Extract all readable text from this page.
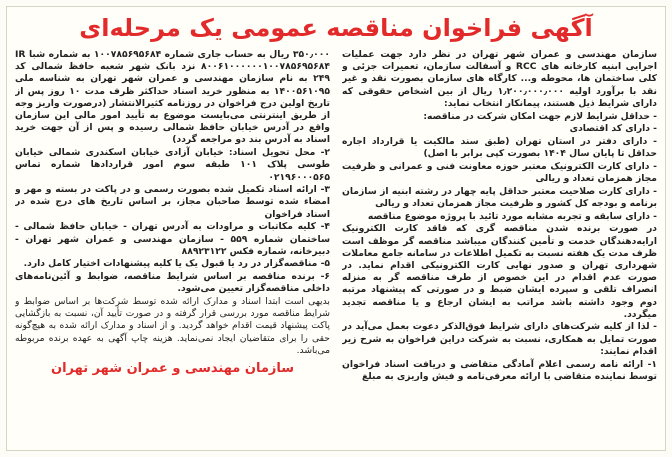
آگهی فراخوان مناقصه عمومی یک مرحله‌ای

سازمان مهندسی و عمران شهر تهران در نظر دارد جهت عملیات اجرایی ابنیه کارخانه های RCC و آسفالت سازمان، تعمیرات جزئی و کلی ساختمان ها، محوطه و... کارگاه های سازمان بصورت نقد و غیر نقد با برآورد اولیه ۱٫۲۰۰٫۰۰۰٫۰۰۰ ریال از بین اشخاص حقوقی که دارای شرایط ذیل هستند، پیمانکار انتخاب نماید:

- حداقل شرایط لازم جهت امکان شرکت در مناقصه:

- دارای کد اقتصادی

- دارای دفتر در استان تهران (طبق سند مالکیت یا قرارداد اجاره حداقل تا پایان سال ۱۴۰۴ بصورت کپی برابر با اصل)

- دارای کارت الکترونیک معتبر حوزه معاونت فنی و عمرانی و ظرفیت مجاز همزمان تعداد و ریالی

- دارای کارت صلاحیت معتبر حداقل پایه چهار در رشته ابنیه از سازمان برنامه و بودجه کل کشور و ظرفیت مجاز همزمان تعداد و ریالی

- دارای سابقه و تجربه مشابه مورد تائید با پروژه موضوع مناقصه

در صورت برنده شدن مناقصه گری که فاقد کارت الکترونیک ارایه‌دهندگان خدمت و تأمین کنندگان میباشد مناقصه گر موظف است ظرف مدت یک هفته نسبت به تکمیل اطلاعات در سامانه جامع معاملات شهرداری تهران و صدور نهایی کارت الکترونیکی اقدام نماید. در صورت عدم اقدام در این خصوص از طرف مناقصه گر به منزله انصراف تلقی و سپرده ایشان ضبط و در صورتی که پیشنهاد مرتبه دوم وجود داشته باشد مراتب به ایشان ارجاع و یا مناقصه تجدید میگردد.

- لذا از کلیه شرکت‌های دارای شرایط فوق‌الذکر دعوت بعمل می‌آید در صورت تمایل به همکاری، نسبت به شرکت دراین فراخوان به شرح زیر اقدام نمایند:

۱- ارائه نامه رسمی اعلام آمادگی متقاضی و دریافت اسناد فراخوان توسط نماینده متقاضی با ارائه معرفی‌نامه و فیش واریزی به مبلغ

۳۵۰٫۰۰۰ ریال به حساب جاری شماره ۱۰۰۷۸۵۶۹۵۶۸۴ به شماره شبا IR ۸۰۰۶۱۰۰۰۰۰۰۱۰۰۷۸۵۶۹۵۶۸۴ نزد بانک شهر شعبه حافظ شمالی کد ۲۴۹ به نام سازمان مهندسی و عمران شهر تهران به شناسه ملی ۱۴۰۰۵۶۱۰۹۵ به منظور خرید اسناد حداکثر ظرف مدت ۱۰ روز پس از تاریخ اولین درج فراخوان در روزنامه کثیرالانتشار (درصورت واریز وجه از طریق اینترنتی می‌بایست موضوع به تأیید امور مالی این سازمان واقع در آدرس خیابان حافظ شمالی رسیده و پس از آن جهت خرید اسناد به آدرس بند دو مراجعه گردد)

۲- محل تحویل اسناد: خیابان آزادی خیابان اسکندری شمالی خیابان طوسی پلاک ۱۰۱ طبقه سوم امور قراردادها شماره تماس ۰۲۱۹۶۰۰۰۵۶۵

۳- ارائه اسناد تکمیل شده بصورت رسمی و در پاکت در بسته و مهر و امضاء شده توسط صاحبان مجاز، بر اساس تاریخ های درج شده در اسناد فراخوان

۴- کلیه مکاتبات و مراودات به آدرس تهران - خیابان حافظ شمالی - ساختمان شماره ۵۵۹ - سازمان مهندسی و عمران شهر تهران - دبیرخانه، شماره فکس ۸۸۹۲۳۱۲۲

۵- مناقصه‌گزار در رد یا قبول یک یا کلیه پیشنهادات اختیار کامل دارد.

۶- برنده مناقصه بر اساس شرایط مناقصه، ضوابط و آئین‌نامه‌های داخلی مناقصه‌گزار تعیین می‌شود.

بدیهی است ابتدا اسناد و مدارک ارائه شده توسط شرکت‌ها بر اساس ضوابط و شرایط مناقصه مورد بررسی قرار گرفته و در صورت تأیید آن، نسبت به بازگشایی پاکت پیشنهاد قیمت اقدام خواهد گردید. و از اسناد و مدارک ارائه شده به هیچ‌گونه حقی را برای متقاضیان ایجاد نمی‌نماید. هزینه چاپ آگهی به عهده برنده مربوطه می‌باشد.

سازمان مهندسی و عمران شهر تهران
